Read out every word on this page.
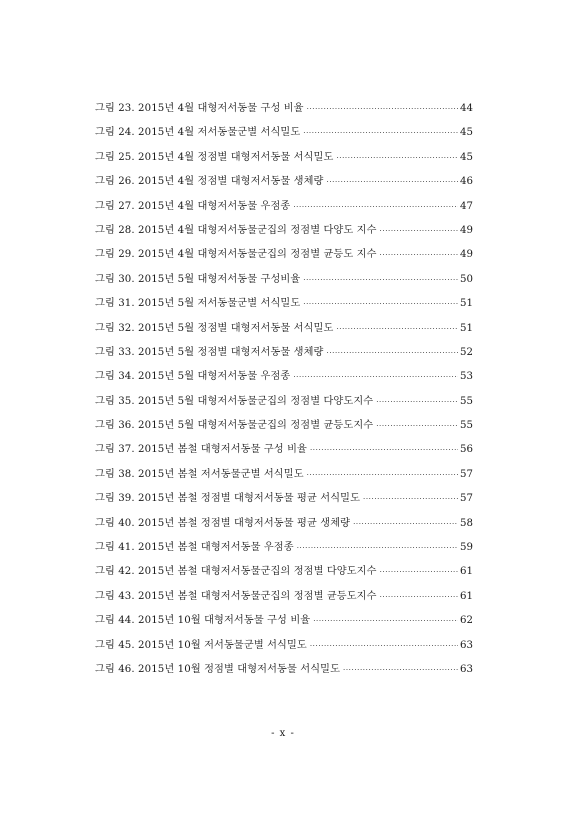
그림 23. 2015년 4월 대형저서동물 구성 비율 ·····	44
그림 24. 2015년 4월 저서동물군별 서식밀도 ·····	45
그림 25. 2015년 4월 정점별 대형저서동물 서식밀도 ·····	45
그림 26. 2015년 4월 정점별 대형저서동물 생체량 ·····	46
그림 27. 2015년 4월 대형저서동물 우점종 ·····	47
그림 28. 2015년 4월 대형저서동물군집의 정점별 다양도 지수 ·····	49
그림 29. 2015년 4월 대형저서동물군집의 정점별 균등도 지수 ·····	49
그림 30. 2015년 5월 대형저서동물 구성비율 ·····	50
그림 31. 2015년 5월 저서동물군별 서식밀도 ·····	51
그림 32. 2015년 5월 정점별 대형저서동물 서식밀도 ·····	51
그림 33. 2015년 5월 정점별 대형저서동물 생체량 ·····	52
그림 34. 2015년 5월 대형저서동물 우점종 ·····	53
그림 35. 2015년 5월 대형저서동물군집의 정점별 다양도지수 ·····	55
그림 36. 2015년 5월 대형저서동물군집의 정점별 균등도지수 ·····	55
그림 37. 2015년 봄철 대형저서동물 구성 비율 ·····	56
그림 38. 2015년 봄철 저서동물군별 서식밀도 ·····	57
그림 39. 2015년 봄철 정점별 대형저서동물 평균 서식밀도 ·····	57
그림 40. 2015년 봄철 정점별 대형저서동물 평균 생체량 ·····	58
그림 41. 2015년 봄철 대형저서동물 우점종 ·····	59
그림 42. 2015년 봄철 대형저서동물군집의 정점별 다양도지수 ·····	61
그림 43. 2015년 봄철 대형저서동물군집의 정점별 균등도지수 ·····	61
그림 44. 2015년 10월 대형저서동물 구성 비율 ·····	62
그림 45. 2015년 10월 저서동물군별 서식밀도 ·····	63
그림 46. 2015년 10월 정점별 대형저서동물 서식밀도 ·····	63
- x -
